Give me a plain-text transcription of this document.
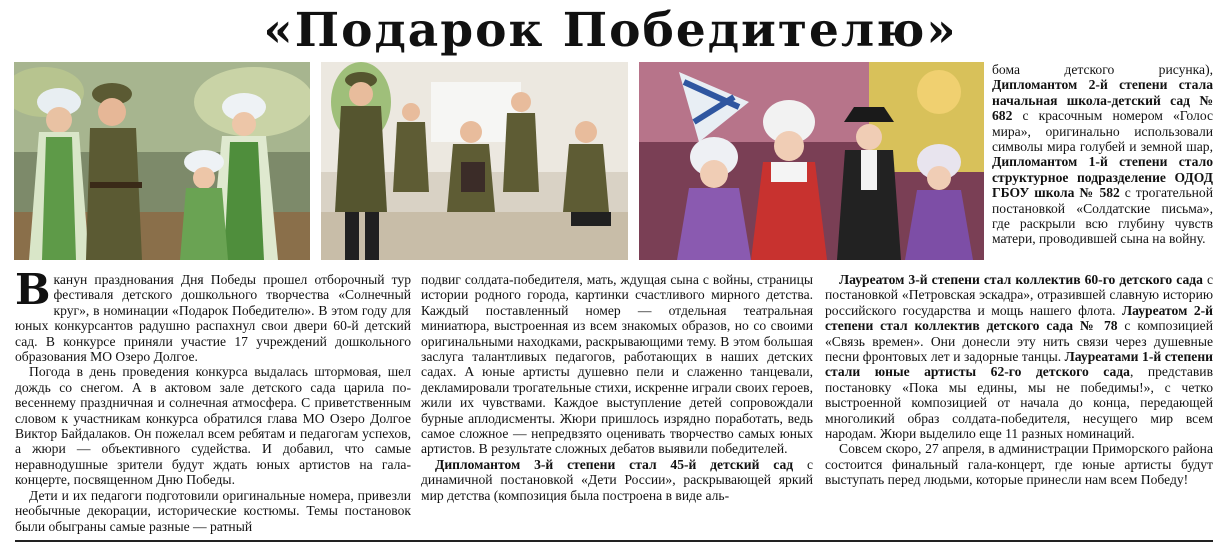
«Подарок Победителю»

бома детского рисунка), Дипломантом 2-й степени стала начальная школа-детский сад № 682 с красочным номером «Голос мира», оригинально использовали символы мира голубей и земной шар, Дипломантом 1-й степени стало структурное подразделение ОДОД ГБОУ школа № 582 с трогательной постановкой «Солдатские письма», где раскрыли всю глубину чувств матери, проводившей сына на войну.

Вканун празднования Дня Победы прошел отборочный тур фестиваля детского дошкольного творчества «Солнечный круг», в номинации «Подарок Победителю». В этом году для юных конкурсантов радушно распахнул свои двери 60-й детский сад. В конкурсе приняли участие 17 учреждений дошкольного образования МО Озеро Долгое.

Погода в день проведения конкурса выдалась штормовая, шел дождь со снегом. А в актовом зале детского сада царила по-весеннему праздничная и солнечная атмосфера. С приветственным словом к участникам конкурса обратился глава МО Озеро Долгое Виктор Байдалаков. Он пожелал всем ребятам и педагогам успехов, а жюри — объективного судейства. И добавил, что самые неравнодушные зрители будут ждать юных артистов на гала-концерте, посвященном Дню Победы.

Дети и их педагоги подготовили оригинальные номера, привезли необычные декорации, исторические костюмы. Темы постановок были обыграны самые разные — ратный

подвиг солдата-победителя, мать, ждущая сына с войны, страницы истории родного города, картинки счастливого мирного детства. Каждый поставленный номер — отдельная театральная миниатюра, выстроенная из всем знакомых образов, но со своими оригинальными находками, раскрывающими тему. В этом большая заслуга талантливых педагогов, работающих в наших детских садах. А юные артисты душевно пели и слаженно танцевали, декламировали трогательные стихи, искренне играли своих героев, жили их чувствами. Каждое выступление детей сопровождали бурные аплодисменты. Жюри пришлось изрядно поработать, ведь самое сложное — непредвзято оценивать творчество самых юных артистов. В результате сложных дебатов выявили победителей.

Дипломантом 3-й степени стал 45-й детский сад с динамичной постановкой «Дети России», раскрывающей яркий мир детства (композиция была построена в виде аль-

Лауреатом 3-й степени стал коллектив 60-го детского сада с постановкой «Петровская эскадра», отразившей славную историю российского государства и мощь нашего флота. Лауреатом 2-й степени стал коллектив детского сада № 78 с композицией «Связь времен». Они донесли эту нить связи через душевные песни фронтовых лет и задорные танцы. Лауреатами 1-й степени стали юные артисты 62-го детского сада, представив постановку «Пока мы едины, мы не победимы!», с четко выстроенной композицией от начала до конца, передающей многоликий образ солдата-победителя, несущего мир всем народам. Жюри выделило еще 11 разных номинаций.

Совсем скоро, 27 апреля, в администрации Приморского района состоится финальный гала-концерт, где юные артисты будут выступать перед людьми, которые принесли нам всем Победу!
